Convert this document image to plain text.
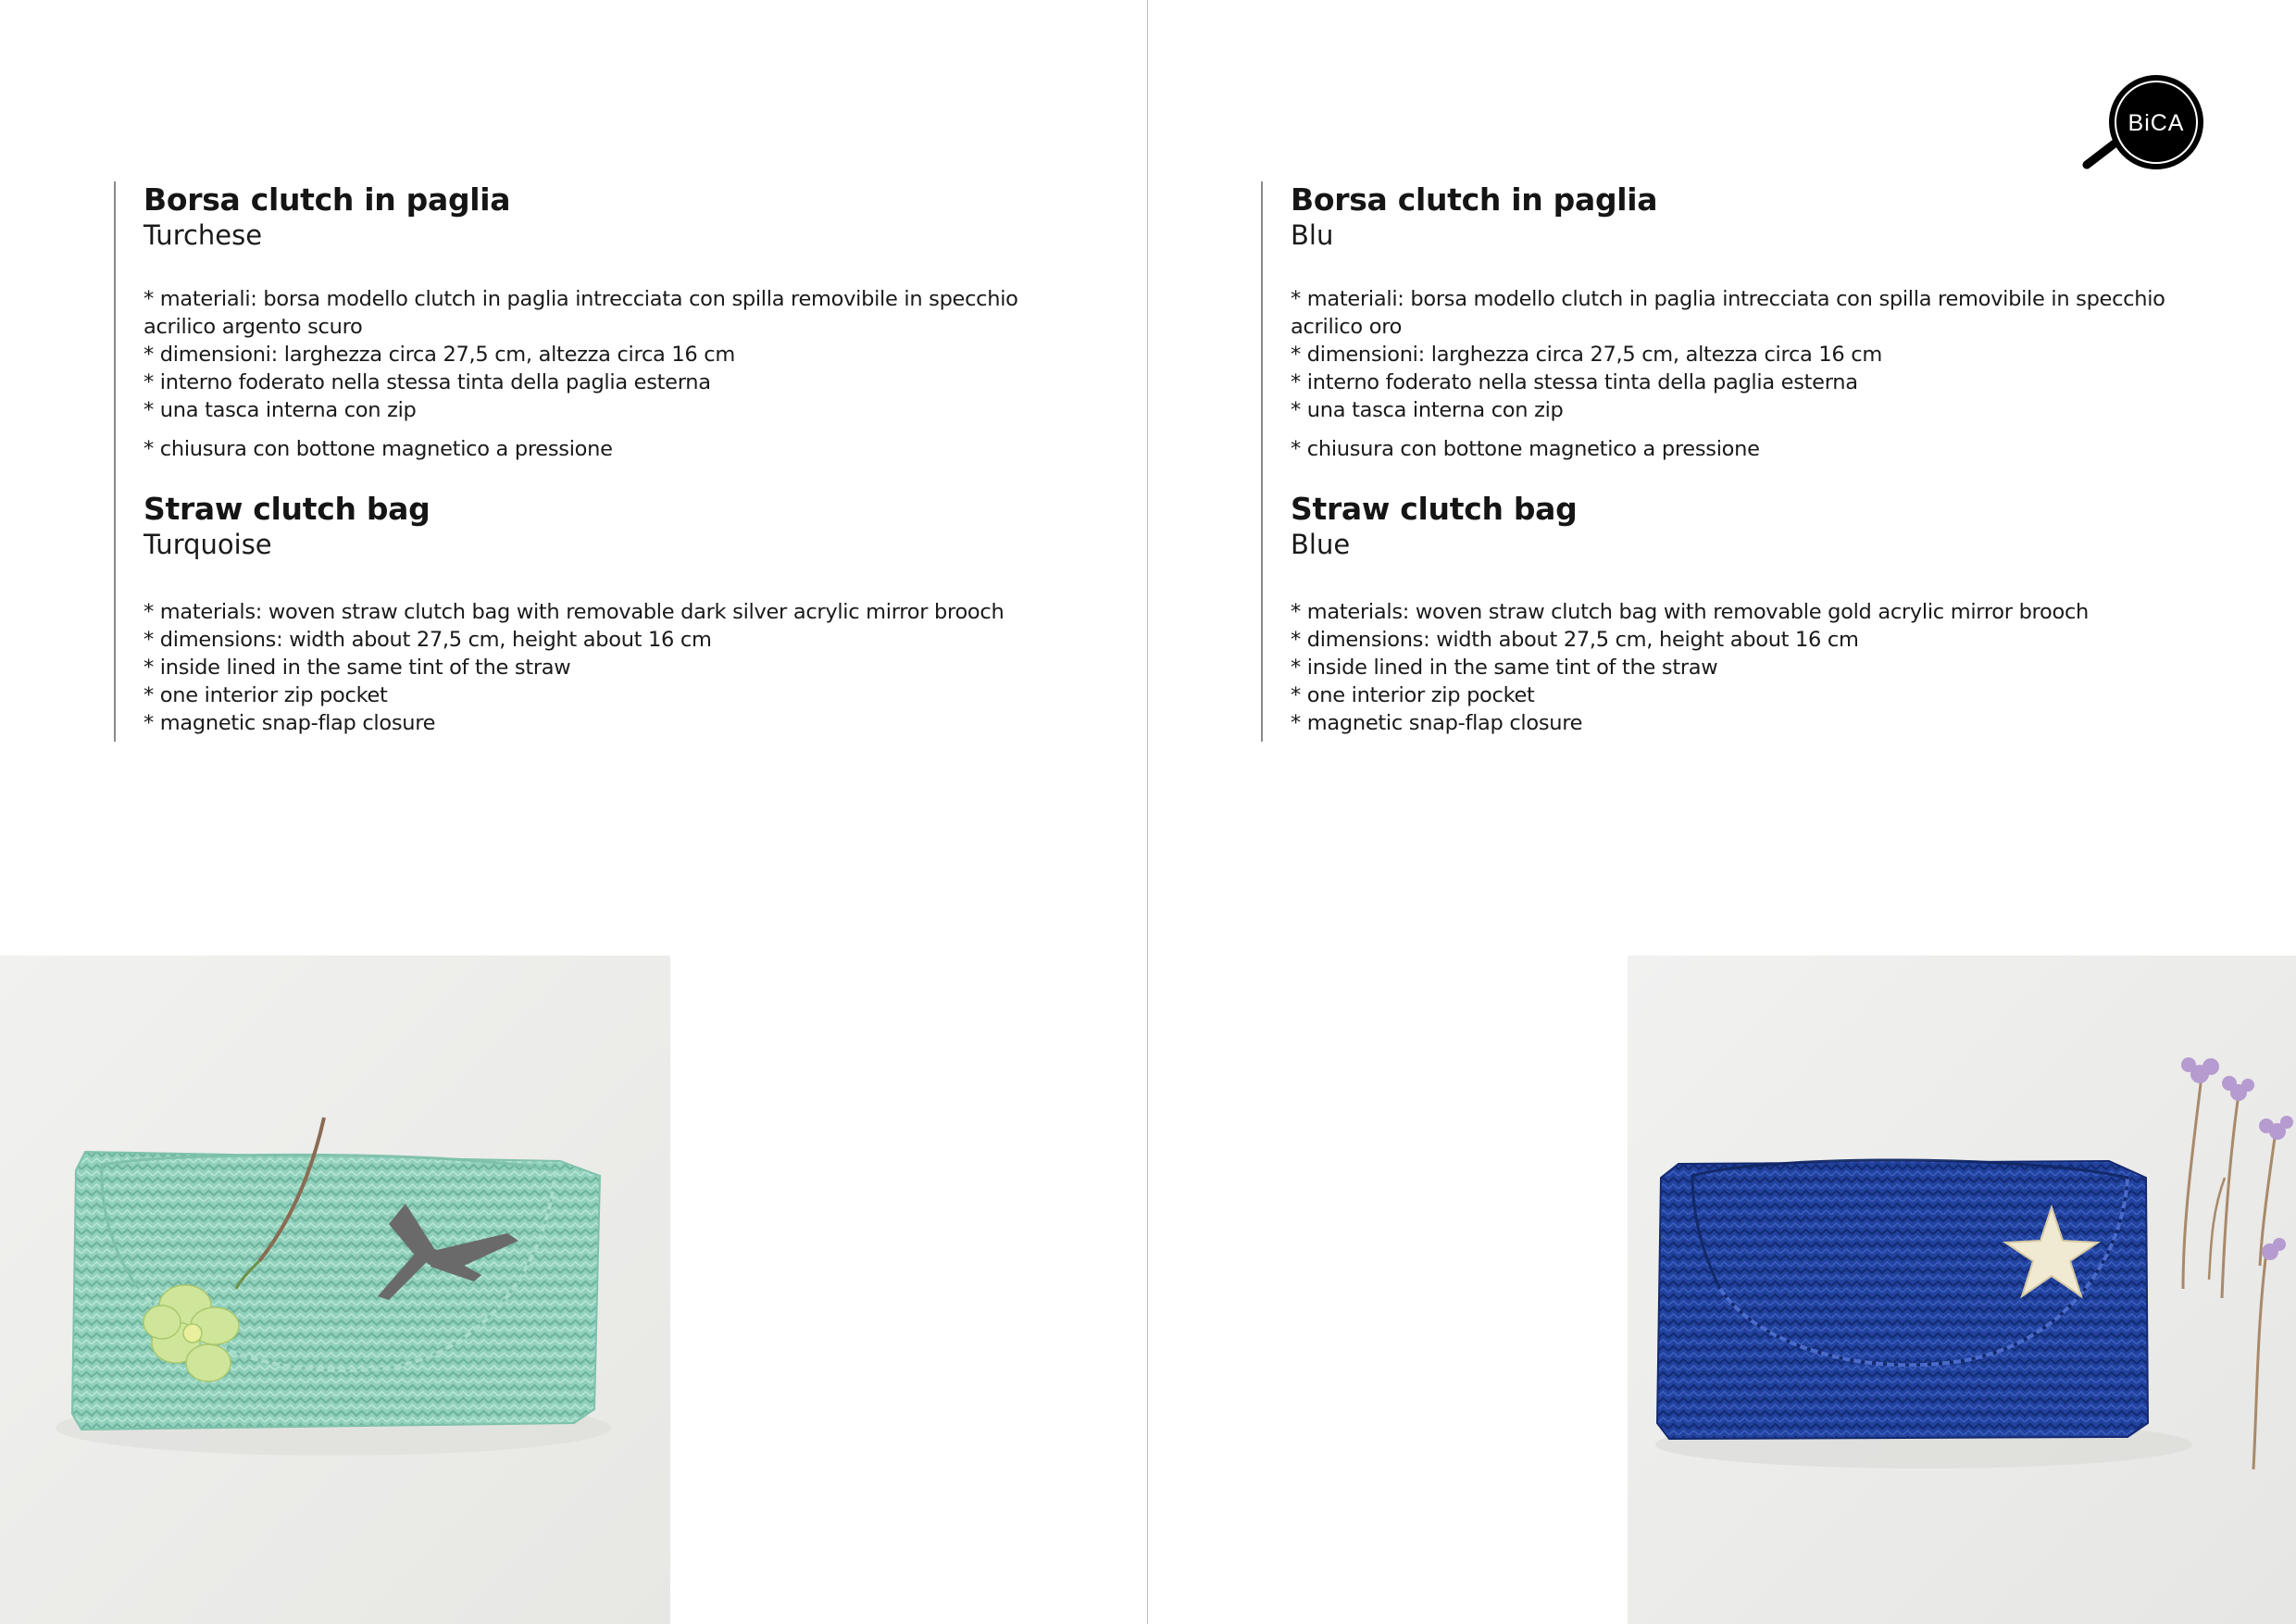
Borsa clutch in paglia
Turchese
* materiali: borsa modello clutch in paglia intrecciata con spilla removibile in specchio
acrilico argento scuro
* dimensioni: larghezza circa 27,5 cm, altezza circa 16 cm
* interno foderato nella stessa tinta della paglia esterna
* una tasca interna con zip
* chiusura con bottone magnetico a pressione
Straw clutch bag
Turquoise
* materials: woven straw clutch bag with removable dark silver acrylic mirror brooch
* dimensions: width about 27,5 cm, height about 16 cm
* inside lined in the same tint of the straw
* one interior zip pocket
* magnetic snap-flap closure
Borsa clutch in paglia
Blu
* materiali: borsa modello clutch in paglia intrecciata con spilla removibile in specchio
acrilico oro
* dimensioni: larghezza circa 27,5 cm, altezza circa 16 cm
* interno foderato nella stessa tinta della paglia esterna
* una tasca interna con zip
* chiusura con bottone magnetico a pressione
Straw clutch bag
Blue
* materials: woven straw clutch bag with removable gold acrylic mirror brooch
* dimensions: width about 27,5 cm, height about 16 cm
* inside lined in the same tint of the straw
* one interior zip pocket
* magnetic snap-flap closure
BiCA
